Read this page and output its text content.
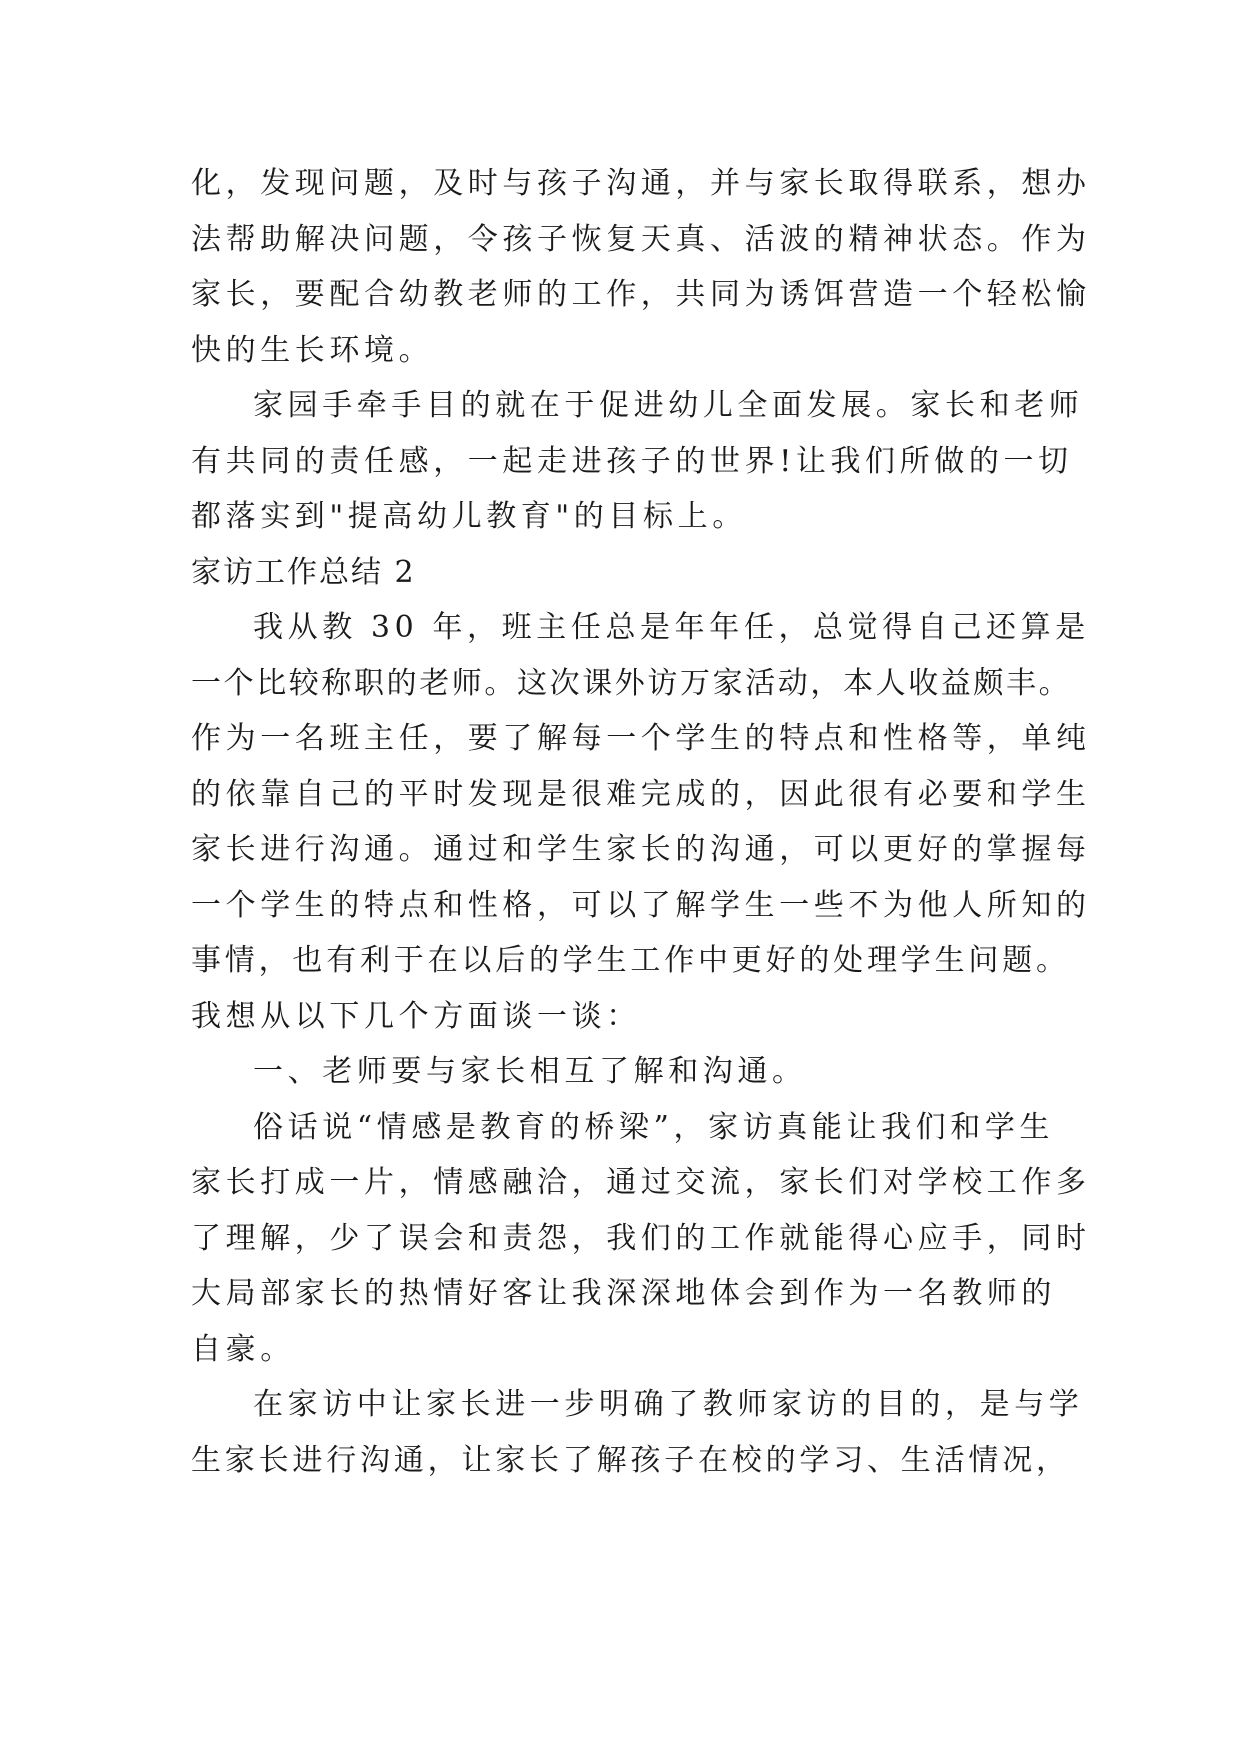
化，发现问题，及时与孩子沟通，并与家长取得联系，想办
法帮助解决问题，令孩子恢复天真、活波的精神状态。作为
家长，要配合幼教老师的工作，共同为诱饵营造一个轻松愉
快的生长环境。
家园手牵手目的就在于促进幼儿全面发展。家长和老师
有共同的责任感，一起走进孩子的世界!让我们所做的一切
都落实到"提高幼儿教育"的目标上。
家访工作总结 2
我从教 30 年，班主任总是年年任，总觉得自己还算是
一个比较称职的老师。这次课外访万家活动，本人收益颇丰。
作为一名班主任，要了解每一个学生的特点和性格等，单纯
的依靠自己的平时发现是很难完成的，因此很有必要和学生
家长进行沟通。通过和学生家长的沟通，可以更好的掌握每
一个学生的特点和性格，可以了解学生一些不为他人所知的
事情，也有利于在以后的学生工作中更好的处理学生问题。
我想从以下几个方面谈一谈：
一、老师要与家长相互了解和沟通。
俗话说“情感是教育的桥梁”，家访真能让我们和学生
家长打成一片，情感融洽，通过交流，家长们对学校工作多
了理解，少了误会和责怨，我们的工作就能得心应手，同时
大局部家长的热情好客让我深深地体会到作为一名教师的
自豪。
在家访中让家长进一步明确了教师家访的目的，是与学
生家长进行沟通，让家长了解孩子在校的学习、生活情况，
